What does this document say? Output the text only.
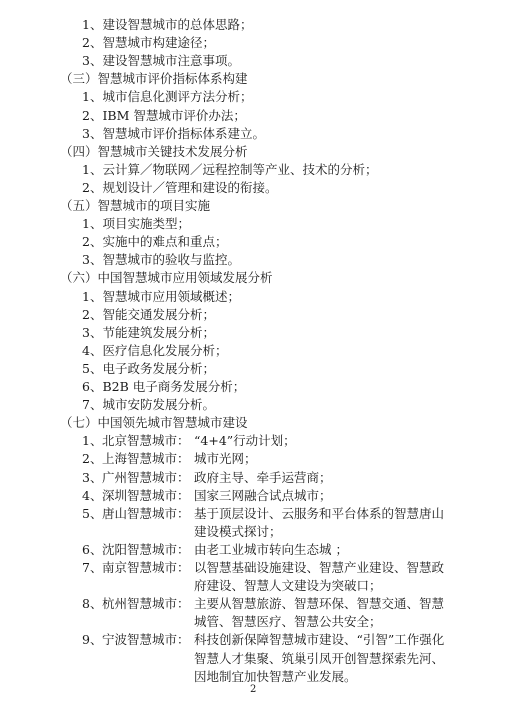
1、建设智慧城市的总体思路；
2、智慧城市构建途径；
3、建设智慧城市注意事项。
（三）智慧城市评价指标体系构建
1、城市信息化测评方法分析；
2、IBM 智慧城市评价办法；
3、智慧城市评价指标体系建立。
（四）智慧城市关键技术发展分析
1、云计算／物联网／远程控制等产业、技术的分析；
2、规划设计／管理和建设的衔接。
（五）智慧城市的项目实施
1、项目实施类型；
2、实施中的难点和重点；
3、智慧城市的验收与监控。
（六）中国智慧城市应用领域发展分析
1、智慧城市应用领域概述；
2、智能交通发展分析；
3、节能建筑发展分析；
4、医疗信息化发展分析；
5、电子政务发展分析；
6、B2B 电子商务发展分析；
7、城市安防发展分析。
（七）中国领先城市智慧城市建设
1、北京智慧城市： “4+4”行动计划；
2、上海智慧城市： 城市光网；
3、广州智慧城市： 政府主导、牵手运营商；
4、深圳智慧城市： 国家三网融合试点城市；
5、唐山智慧城市： 基于顶层设计、云服务和平台体系的智慧唐山
建设模式探讨；
6、沈阳智慧城市： 由老工业城市转向生态城 ；
7、南京智慧城市： 以智慧基础设施建设、智慧产业建设、智慧政
府建设、智慧人文建设为突破口；
8、杭州智慧城市： 主要从智慧旅游、智慧环保、智慧交通、智慧
城管、智慧医疗、智慧公共安全；
9、宁波智慧城市： 科技创新保障智慧城市建设、“引智”工作强化
智慧人才集聚、筑巢引凤开创智慧探索先河、
因地制宜加快智慧产业发展。
2
